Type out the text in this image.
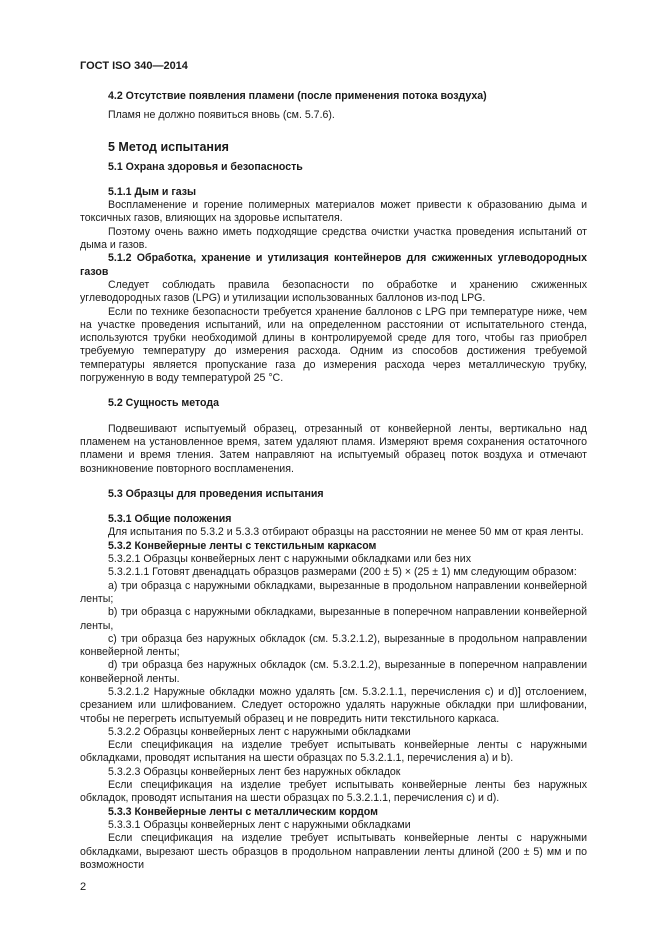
ГОСТ ISO 340—2014

4.2 Отсутствие появления пламени (после применения потока воздуха)

Пламя не должно появиться вновь (см. 5.7.6).

5 Метод испытания

5.1 Охрана здоровья и безопасность

5.1.1 Дым и газы

Воспламенение и горение полимерных материалов может привести к образованию дыма и токсичных газов, влияющих на здоровье испытателя.

Поэтому очень важно иметь подходящие средства очистки участка проведения испытаний от дыма и газов.

5.1.2 Обработка, хранение и утилизация контейнеров для сжиженных углеводородных газов

Следует соблюдать правила безопасности по обработке и хранению сжиженных углеводородных газов (LPG) и утилизации использованных баллонов из-под LPG.

Если по технике безопасности требуется хранение баллонов с LPG при температуре ниже, чем на участке проведения испытаний, или на определенном расстоянии от испытательного стенда, используются трубки необходимой длины в контролируемой среде для того, чтобы газ приобрел требуемую температуру до измерения расхода. Одним из способов достижения требуемой температуры является пропускание газа до измерения расхода через металлическую трубку, погруженную в воду температурой 25 °C.

5.2 Сущность метода

Подвешивают испытуемый образец, отрезанный от конвейерной ленты, вертикально над пламенем на установленное время, затем удаляют пламя. Измеряют время сохранения остаточного пламени и время тления. Затем направляют на испытуемый образец поток воздуха и отмечают возникновение повторного воспламенения.

5.3 Образцы для проведения испытания

5.3.1 Общие положения

Для испытания по 5.3.2 и 5.3.3 отбирают образцы на расстоянии не менее 50 мм от края ленты.

5.3.2 Конвейерные ленты с текстильным каркасом

5.3.2.1 Образцы конвейерных лент с наружными обкладками или без них

5.3.2.1.1 Готовят двенадцать образцов размерами (200 ± 5) × (25 ± 1) мм следующим образом:

a) три образца с наружными обкладками, вырезанные в продольном направлении конвейерной ленты;

b) три образца с наружными обкладками, вырезанные в поперечном направлении конвейерной ленты,

c) три образца без наружных обкладок (см. 5.3.2.1.2), вырезанные в продольном направлении конвейерной ленты;

d) три образца без наружных обкладок (см. 5.3.2.1.2), вырезанные в поперечном направлении конвейерной ленты.

5.3.2.1.2 Наружные обкладки можно удалять [см. 5.3.2.1.1, перечисления с) и d)] отслоением, срезанием или шлифованием. Следует осторожно удалять наружные обкладки при шлифовании, чтобы не перегреть испытуемый образец и не повредить нити текстильного каркаса.

5.3.2.2 Образцы конвейерных лент с наружными обкладками

Если спецификация на изделие требует испытывать конвейерные ленты с наружными обкладками, проводят испытания на шести образцах по 5.3.2.1.1, перечисления а) и b).

5.3.2.3 Образцы конвейерных лент без наружных обкладок

Если спецификация на изделие требует испытывать конвейерные ленты без наружных обкладок, проводят испытания на шести образцах по 5.3.2.1.1, перечисления с) и d).

5.3.3 Конвейерные ленты с металлическим кордом

5.3.3.1 Образцы конвейерных лент с наружными обкладками

Если спецификация на изделие требует испытывать конвейерные ленты с наружными обкладками, вырезают шесть образцов в продольном направлении ленты длиной (200 ± 5) мм и по возможности

2
